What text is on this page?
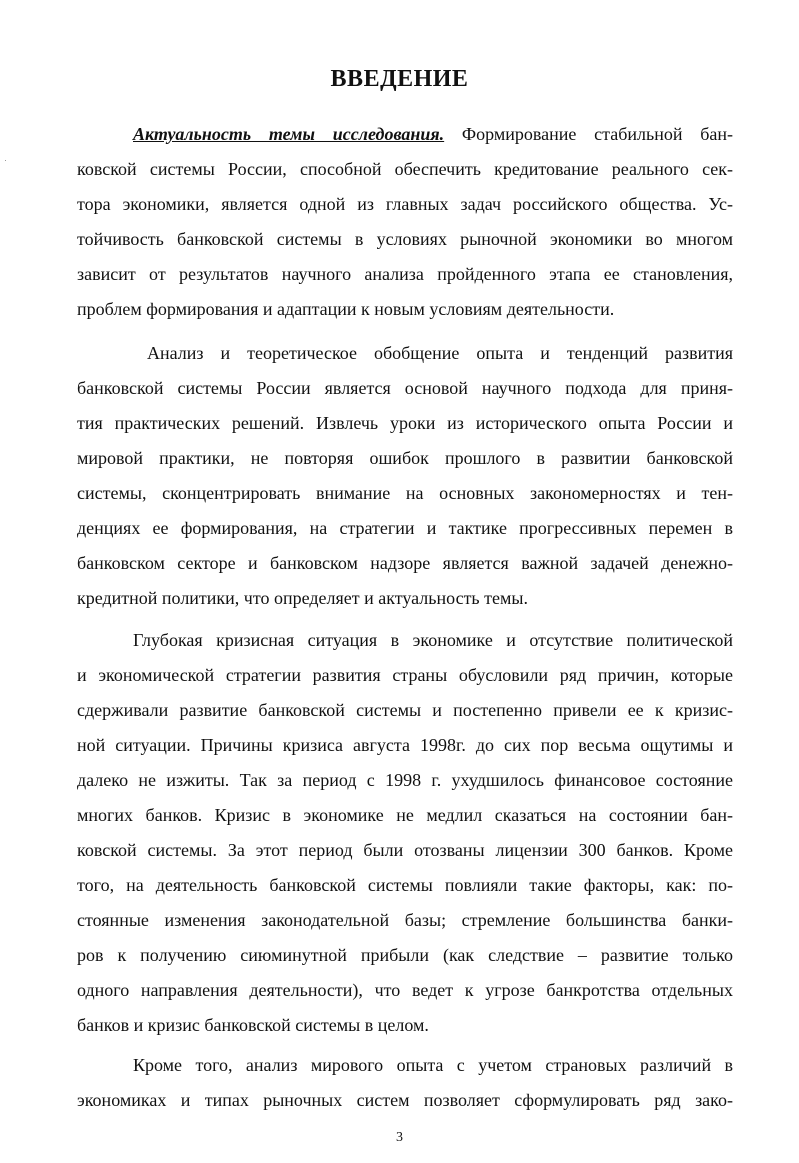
ВВЕДЕНИЕ

Актуальность темы исследования. Формирование стабильной бан-

ковской системы России, способной обеспечить кредитование реального сек-

тора экономики, является одной из главных задач российского общества. Ус-

тойчивость банковской системы в условиях рыночной экономики во многом

зависит от результатов научного анализа пройденного этапа ее становления,

проблем формирования и адаптации к новым условиям деятельности.

Анализ и теоретическое обобщение опыта и тенденций развития

банковской системы России является основой научного подхода для приня-

тия практических решений. Извлечь уроки из исторического опыта России и

мировой практики, не повторяя ошибок прошлого в развитии банковской

системы, сконцентрировать внимание на основных закономерностях и тен-

денциях ее формирования, на стратегии и тактике прогрессивных перемен в

банковском секторе и банковском надзоре является важной задачей денежно-

кредитной политики, что определяет и актуальность темы.

Глубокая кризисная ситуация в экономике и отсутствие политической

и экономической стратегии развития страны обусловили ряд причин, которые

сдерживали развитие банковской системы и постепенно привели ее к кризис-

ной ситуации. Причины кризиса августа 1998г. до сих пор весьма ощутимы и

далеко не изжиты. Так за период с 1998 г. ухудшилось финансовое состояние

многих банков. Кризис в экономике не медлил сказаться на состоянии бан-

ковской системы. За этот период были отозваны лицензии 300 банков. Кроме

того, на деятельность банковской системы повлияли такие факторы, как: по-

стоянные изменения законодательной базы; стремление большинства банки-

ров к получению сиюминутной прибыли (как следствие – развитие только

одного направления деятельности), что ведет к угрозе банкротства отдельных

банков и кризис банковской системы в целом.

Кроме того, анализ мирового опыта с учетом страновых различий в

экономиках и типах рыночных систем позволяет сформулировать ряд зако-

3
